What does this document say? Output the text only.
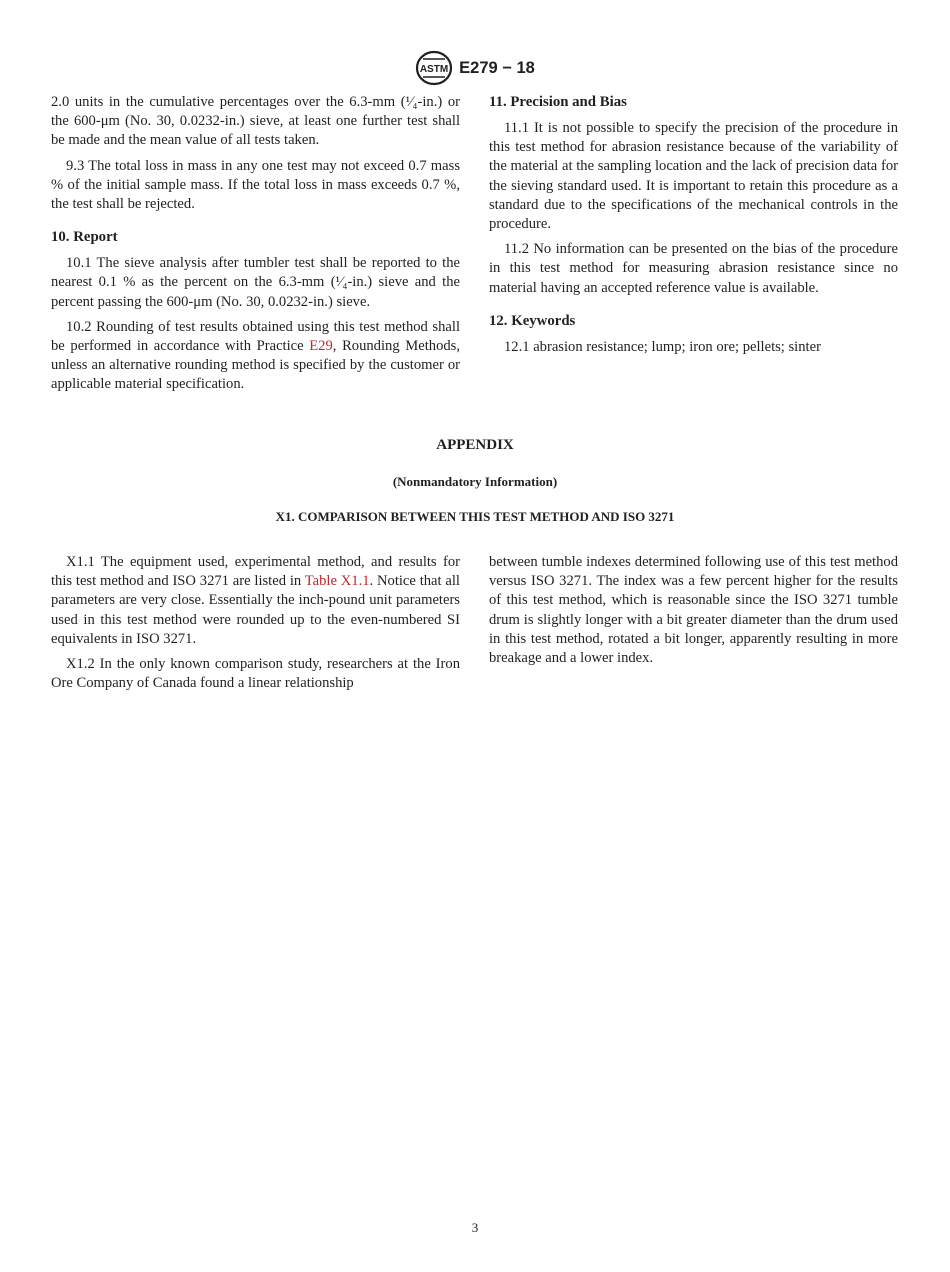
ASTM E279 − 18

2.0 units in the cumulative percentages over the 6.3-mm (¹⁄₄-in.) or the 600-μm (No. 30, 0.0232-in.) sieve, at least one further test shall be made and the mean value of all tests taken.

9.3 The total loss in mass in any one test may not exceed 0.7 mass % of the initial sample mass. If the total loss in mass exceeds 0.7 %, the test shall be rejected.

10. Report

10.1 The sieve analysis after tumbler test shall be reported to the nearest 0.1 % as the percent on the 6.3-mm (¹⁄₄-in.) sieve and the percent passing the 600-μm (No. 30, 0.0232-in.) sieve.

10.2 Rounding of test results obtained using this test method shall be performed in accordance with Practice E29, Rounding Methods, unless an alternative rounding method is specified by the customer or applicable material specification.

11. Precision and Bias

11.1 It is not possible to specify the precision of the procedure in this test method for abrasion resistance because of the variability of the material at the sampling location and the lack of precision data for the sieving standard used. It is important to retain this procedure as a standard due to the specifications of the mechanical controls in the procedure.

11.2 No information can be presented on the bias of the procedure in this test method for measuring abrasion resistance since no material having an accepted reference value is available.

12. Keywords

12.1 abrasion resistance; lump; iron ore; pellets; sinter

APPENDIX
(Nonmandatory Information)
X1. COMPARISON BETWEEN THIS TEST METHOD AND ISO 3271

X1.1 The equipment used, experimental method, and results for this test method and ISO 3271 are listed in Table X1.1. Notice that all parameters are very close. Essentially the inch-pound unit parameters used in this test method were rounded up to the even-numbered SI equivalents in ISO 3271.

X1.2 In the only known comparison study, researchers at the Iron Ore Company of Canada found a linear relationship

between tumble indexes determined following use of this test method versus ISO 3271. The index was a few percent higher for the results of this test method, which is reasonable since the ISO 3271 tumble drum is slightly longer with a bit greater diameter than the drum used in this test method, rotated a bit longer, apparently resulting in more breakage and a lower index.

3
